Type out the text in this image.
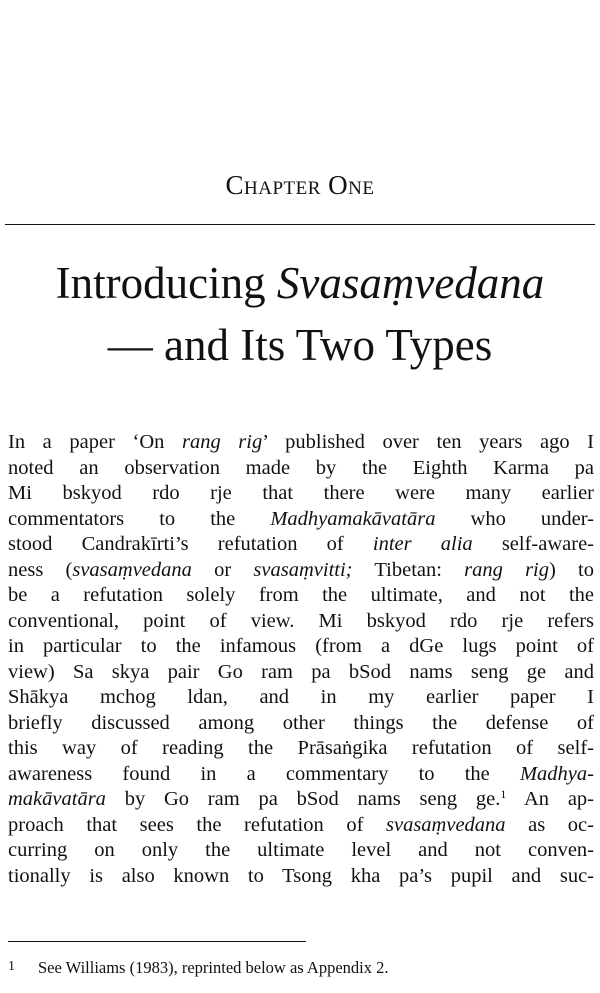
Chapter One
Introducing Svasaṃvedana
— and Its Two Types
In a paper ‘On rang rig’ published over ten years ago I
noted an observation made by the Eighth Karma pa
Mi bskyod rdo rje that there were many earlier
commentators to the Madhyamakāvatāra who under-
stood Candrakīrti’s refutation of inter alia self-aware-
ness (svasaṃvedana or svasaṃvitti; Tibetan: rang rig) to
be a refutation solely from the ultimate, and not the
conventional, point of view. Mi bskyod rdo rje refers
in particular to the infamous (from a dGe lugs point of
view) Sa skya pair Go ram pa bSod nams seng ge and
Shākya mchog ldan, and in my earlier paper I
briefly discussed among other things the defense of
this way of reading the Prāsaṅgika refutation of self-
awareness found in a commentary to the Madhya-
makāvatāra by Go ram pa bSod nams seng ge.$^1$ An ap-
proach that sees the refutation of svasaṃvedana as oc-
curring on only the ultimate level and not conven-
tionally is also known to Tsong kha pa’s pupil and suc-
1 See Williams (1983), reprinted below as Appendix 2.
